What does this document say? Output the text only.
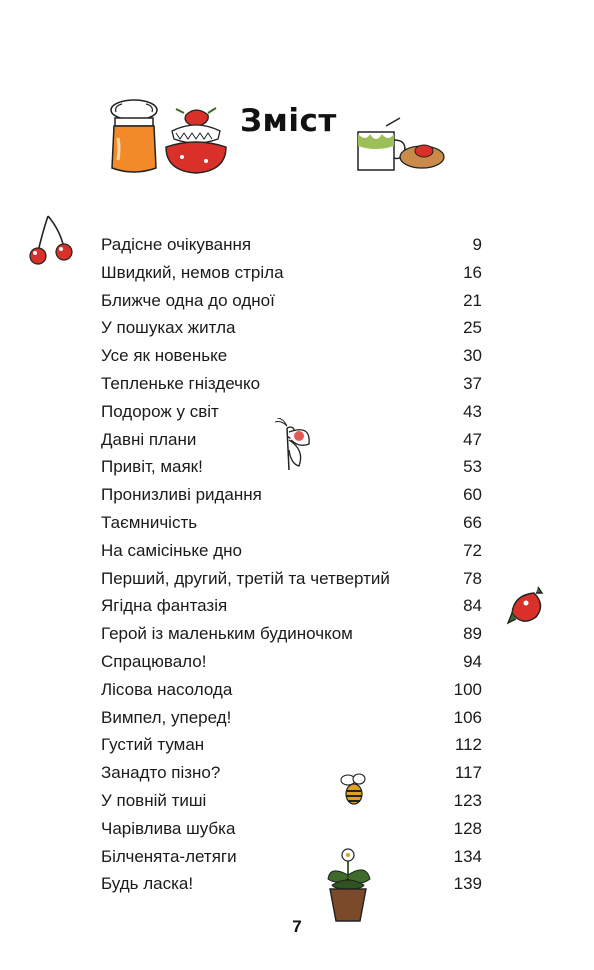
Зміст
Радісне очікування	9
Швидкий, немов стріла	16
Ближче одна до одної	21
У пошуках житла	25
Усе як новеньке	30
Тепленьке гніздечко	37
Подорож у світ	43
Давні плани	47
Привіт, маяк!	53
Пронизливі ридання	60
Таємничість	66
На самісіньке дно	72
Перший, другий, третій та четвертий	78
Ягідна фантазія	84
Герой із маленьким будиночком	89
Спрацювало!	94
Лісова насолода	100
Вимпел, уперед!	106
Густий туман	112
Занадто пізно?	117
У повній тиші	123
Чарівлива шубка	128
Білченята-летяги	134
Будь ласка!	139
7
